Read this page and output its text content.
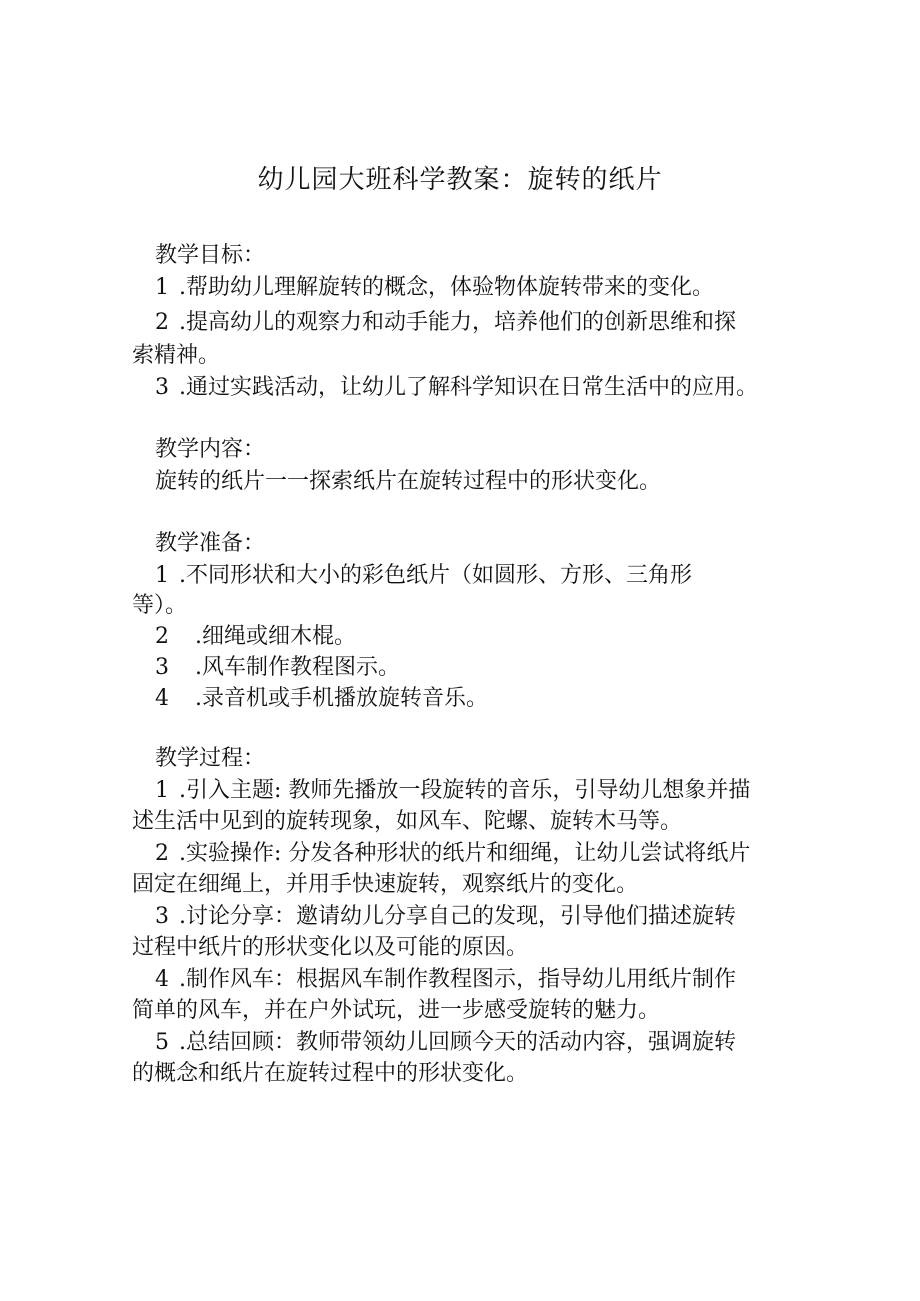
幼儿园大班科学教案：旋转的纸片
教学目标：
1 .帮助幼儿理解旋转的概念，体验物体旋转带来的变化。
2 .提高幼儿的观察力和动手能力，培养他们的创新思维和探
索精神。
3 .通过实践活动，让幼儿了解科学知识在日常生活中的应用。
教学内容：
旋转的纸片一一探索纸片在旋转过程中的形状变化。
教学准备：
1 .不同形状和大小的彩色纸片（如圆形、方形、三角形
等）。
2 .细绳或细木棍。
3 .风车制作教程图示。
4 .录音机或手机播放旋转音乐。
教学过程：
1 .引入主题: 教师先播放一段旋转的音乐，引导幼儿想象并描
述生活中见到的旋转现象，如风车、陀螺、旋转木马等。
2 .实验操作: 分发各种形状的纸片和细绳，让幼儿尝试将纸片
固定在细绳上，并用手快速旋转，观察纸片的变化。
3 .讨论分享：邀请幼儿分享自己的发现，引导他们描述旋转
过程中纸片的形状变化以及可能的原因。
4 .制作风车：根据风车制作教程图示，指导幼儿用纸片制作
简单的风车，并在户外试玩，进一步感受旋转的魅力。
5 .总结回顾：教师带领幼儿回顾今天的活动内容，强调旋转
的概念和纸片在旋转过程中的形状变化。
